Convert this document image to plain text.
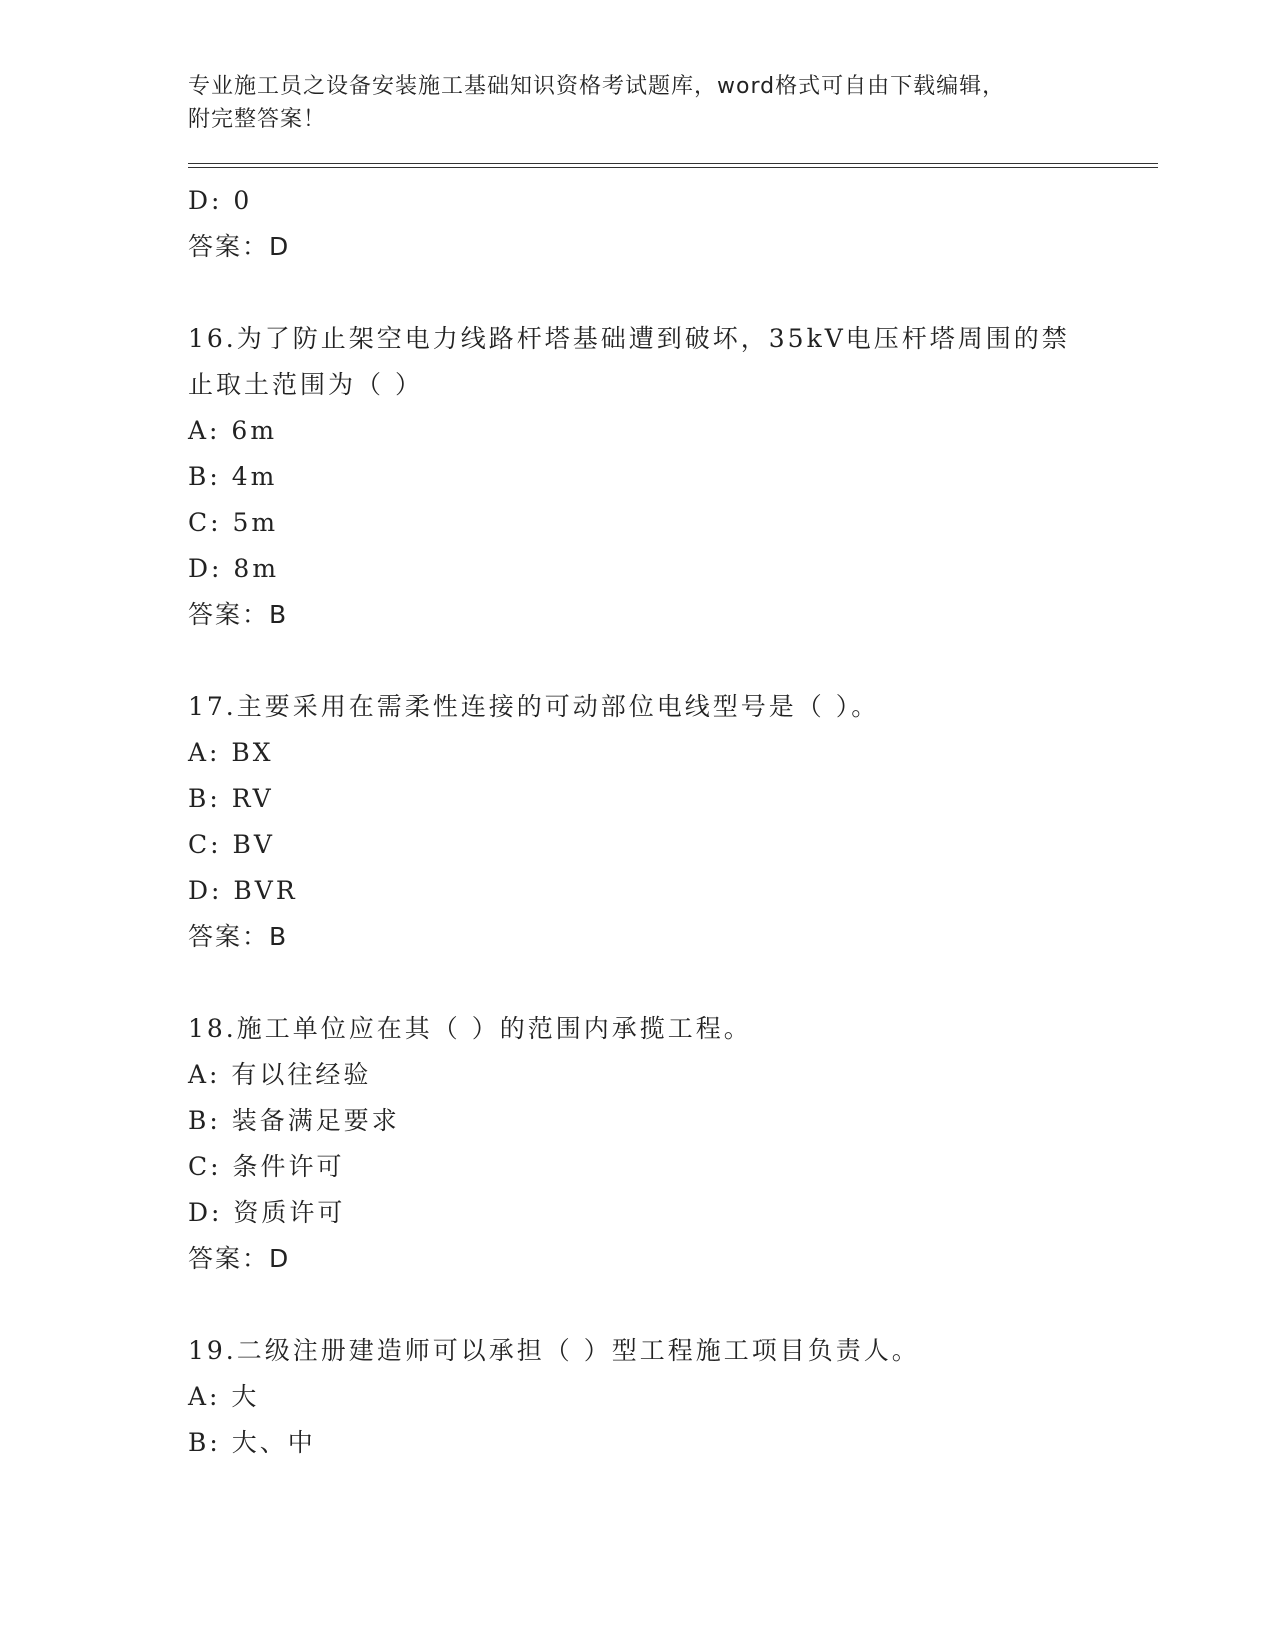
专业施工员之设备安装施工基础知识资格考试题库，word格式可自由下载编辑，
附完整答案！
D: 0
答案：D
16.为了防止架空电力线路杆塔基础遭到破坏，35kV电压杆塔周围的禁
止取土范围为（ ）
A: 6m
B: 4m
C: 5m
D: 8m
答案：B
17.主要采用在需柔性连接的可动部位电线型号是（ ）。
A: BX
B: RV
C: BV
D: BVR
答案：B
18.施工单位应在其（ ）的范围内承揽工程。
A: 有以往经验
B: 装备满足要求
C: 条件许可
D: 资质许可
答案：D
19.二级注册建造师可以承担（ ）型工程施工项目负责人。
A: 大
B: 大、中
